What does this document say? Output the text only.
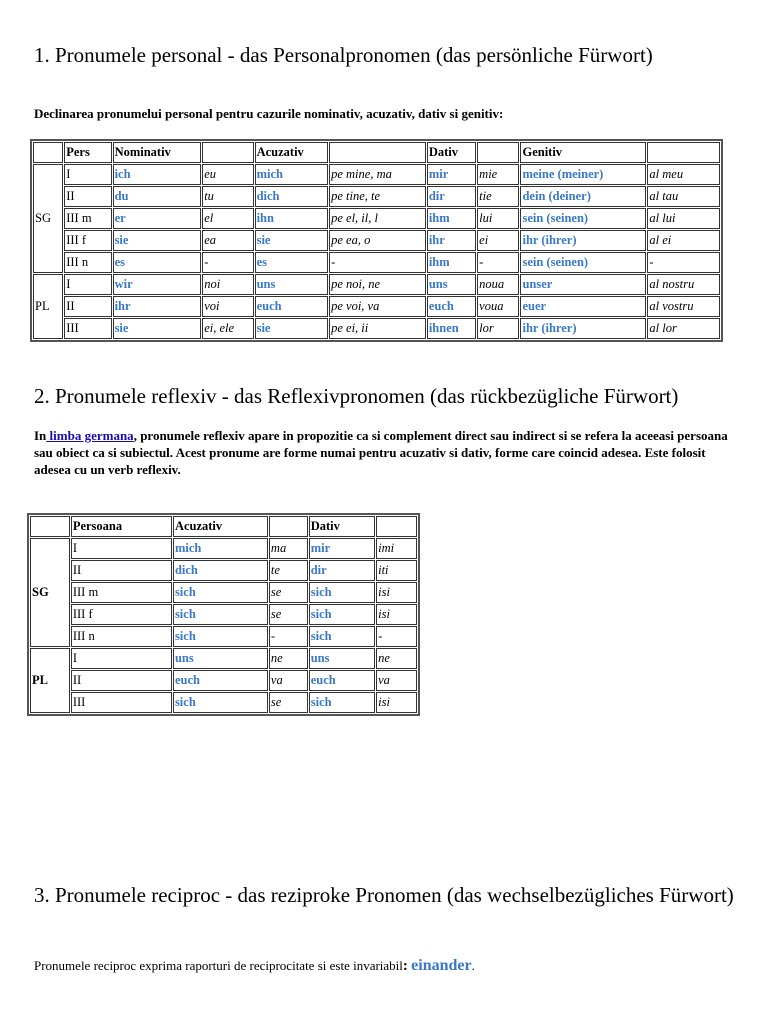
1. Pronumele personal - das Personalpronomen (das persönliche Fürwort)

Declinarea pronumelui personal pentru cazurile nominativ, acuzativ, dativ si genitiv:

	Pers	Nominativ		Acuzativ		Dativ		Genitiv	
SG	I	ich	eu	mich	pe mine, ma	mir	mie	meine (meiner)	al meu
	II	du	tu	dich	pe tine, te	dir	tie	dein (deiner)	al tau
	III m	er	el	ihn	pe el, il, l	ihm	lui	sein (seinen)	al lui
	III f	sie	ea	sie	pe ea, o	ihr	ei	ihr (ihrer)	al ei
	III n	es	-	es	-	ihm	-	sein (seinen)	-
PL	I	wir	noi	uns	pe noi, ne	uns	noua	unser	al nostru
	II	ihr	voi	euch	pe voi, va	euch	voua	euer	al vostru
	III	sie	ei, ele	sie	pe ei, ii	ihnen	lor	ihr (ihrer)	al lor
2. Pronumele reflexiv - das Reflexivpronomen (das rückbezügliche Fürwort)

In limba germana, pronumele reflexiv apare in propozitie ca si complement direct sau indirect si se refera la aceeasi persoana sau obiect ca si subiectul. Acest pronume are forme numai pentru acuzativ si dativ, forme care coincid adesea. Este folosit adesea cu un verb reflexiv.

	Persoana	Acuzativ		Dativ	
SG	I	mich	ma	mir	imi
	II	dich	te	dir	iti
	III m	sich	se	sich	isi
	III f	sich	se	sich	isi
	III n	sich	-	sich	-
PL	I	uns	ne	uns	ne
	II	euch	va	euch	va
	III	sich	se	sich	isi
3. Pronumele reciproc - das reziproke Pronomen (das wechselbezügliches Fürwort)

Pronumele reciproc exprima raporturi de reciprocitate si este invariabil: einander.
